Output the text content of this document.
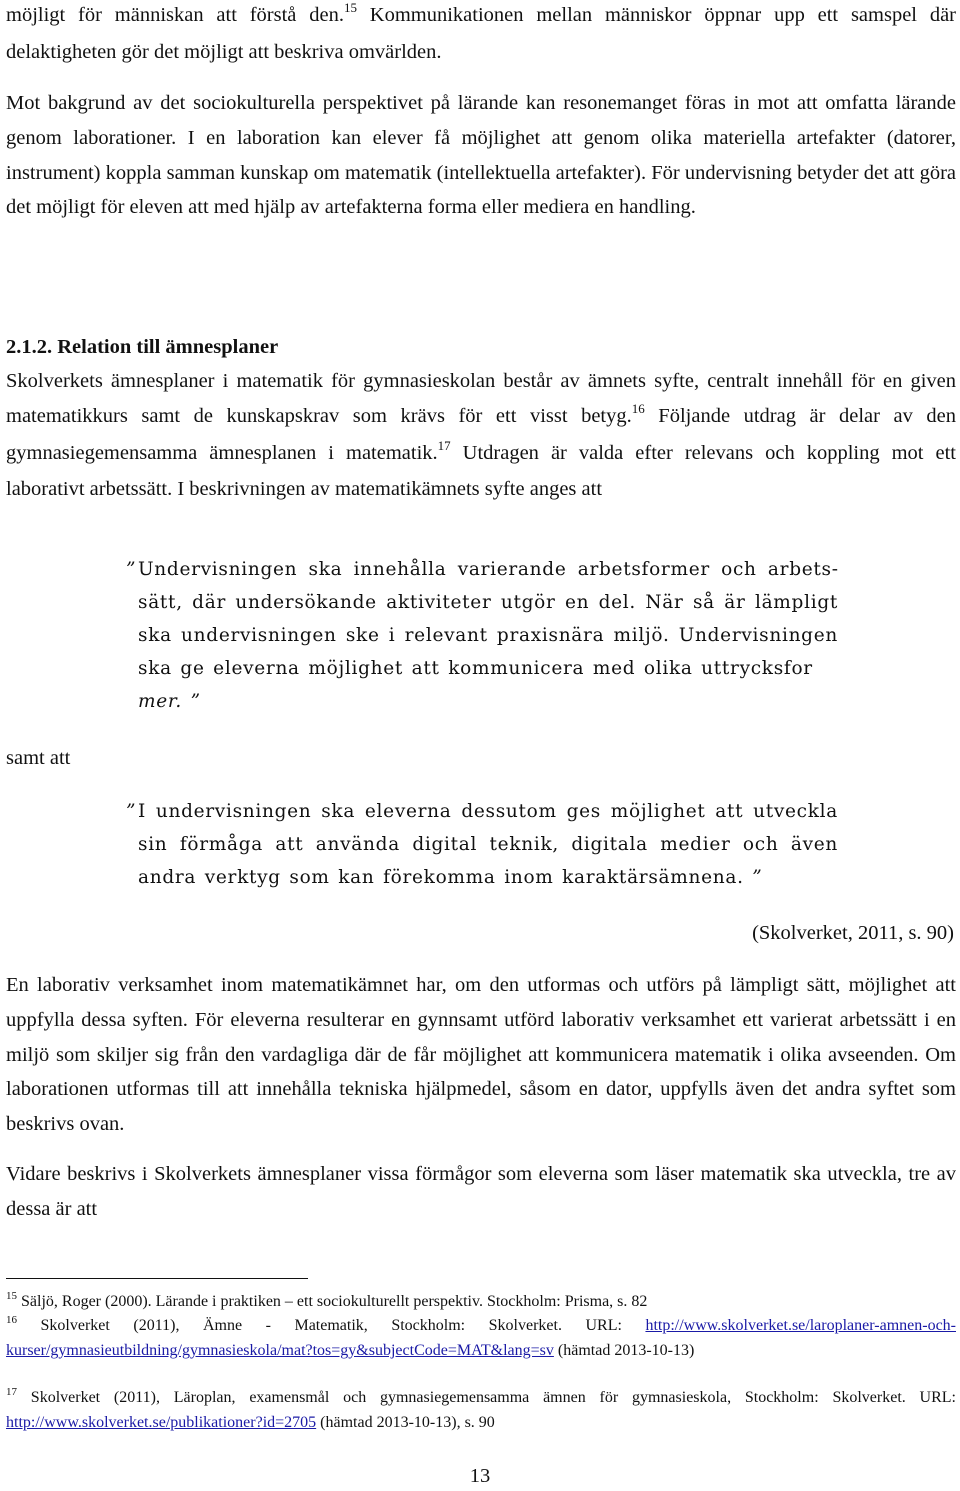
möjligt för människan att förstå den.$^{15}$ Kommunikationen mellan människor öppnar upp ett samspel där delaktigheten gör det möjligt att beskriva omvärlden.

Mot bakgrund av det sociokulturella perspektivet på lärande kan resonemanget föras in mot att omfatta lärande genom laborationer. I en laboration kan elever få möjlighet att genom olika materiella artefakter (datorer, instrument) koppla samman kunskap om matematik (intellektuella artefakter). För undervisning betyder det att göra det möjligt för eleven att med hjälp av artefakterna forma eller mediera en handling.

2.1.2. Relation till ämnesplaner

Skolverkets ämnesplaner i matematik för gymnasieskolan består av ämnets syfte, centralt innehåll för en given matematikkurs samt de kunskapskrav som krävs för ett visst betyg.$^{16}$ Följande utdrag är delar av den gymnasiegemensamma ämnesplanen i matematik.$^{17}$ Utdragen är valda efter relevans och koppling mot ett laborativt arbetssätt. I beskrivningen av matematikämnets syfte anges att

” Undervisningen ska innehålla varierande arbetsformer och arbetssätt, där undersökande aktiviteter utgör en del. När så är lämpligt ska undervisningen ske i relevant praxisnära miljö. Undervisningen ska ge eleverna möjlighet att kommunicera med olika uttrycksfor
mer. ”

samt att

” I undervisningen ska eleverna dessutom ges möjlighet att utveckla sin förmåga att använda digital teknik, digitala medier och även andra verktyg som kan förekomma inom karaktärsämnena. ”

(Skolverket, 2011, s. 90)

En laborativ verksamhet inom matematikämnet har, om den utformas och utförs på lämpligt sätt, möjlighet att uppfylla dessa syften. För eleverna resulterar en gynnsamt utförd laborativ verksamhet ett varierat arbetssätt i en miljö som skiljer sig från den vardagliga där de får möjlighet att kommunicera matematik i olika avseenden. Om laborationen utformas till att innehålla tekniska hjälpmedel, såsom en dator, uppfylls även det andra syftet som beskrivs ovan.

Vidare beskrivs i Skolverkets ämnesplaner vissa förmågor som eleverna som läser matematik ska utveckla, tre av dessa är att

$^{15}$ Säljö, Roger (2000). Lärande i praktiken – ett sociokulturellt perspektiv. Stockholm: Prisma, s. 82

$^{16}$ Skolverket (2011), Ämne - Matematik, Stockholm: Skolverket. URL: http://www.skolverket.se/laroplaner-amnen-och-kurser/gymnasieutbildning/gymnasieskola/mat?tos=gy&subjectCode=MAT&lang=sv (hämtad 2013-10-13)

$^{17}$ Skolverket (2011), Läroplan, examensmål och gymnasiegemensamma ämnen för gymnasieskola, Stockholm: Skolverket. URL: http://www.skolverket.se/publikationer?id=2705 (hämtad 2013-10-13), s. 90

13
